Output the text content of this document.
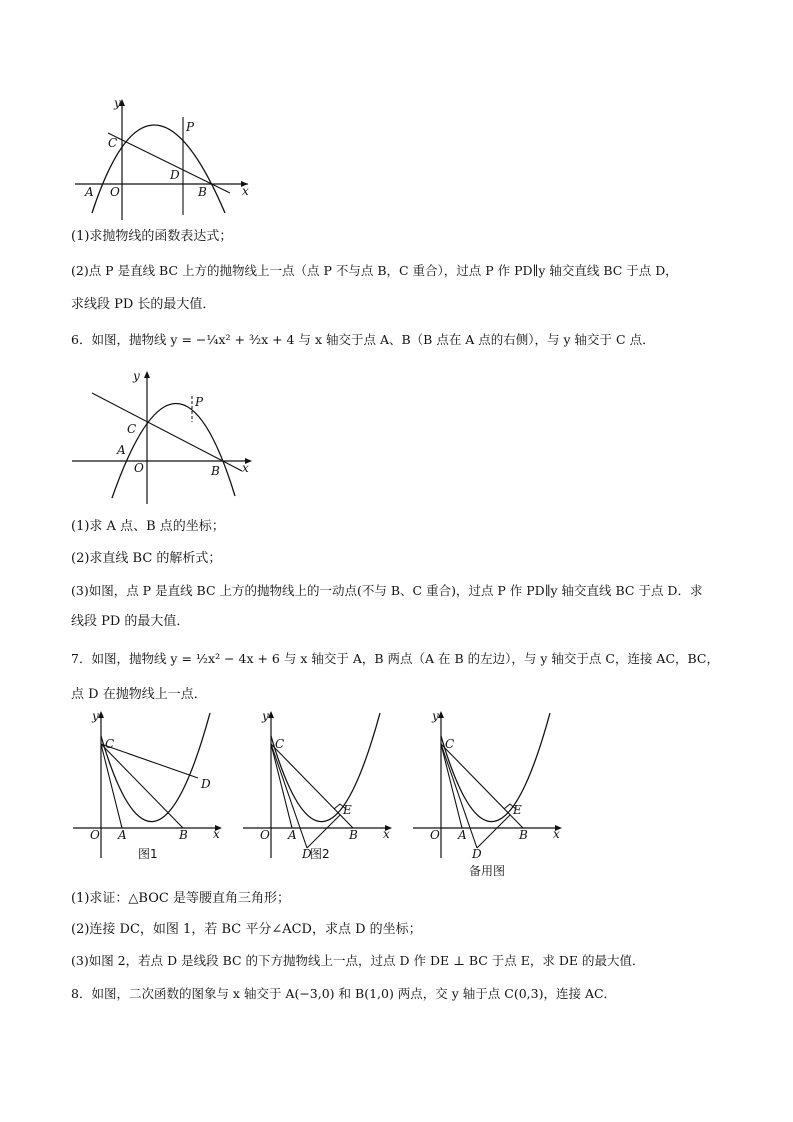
y
x
P
C
D
A O	B
(1)求抛物线的函数表达式；
(2)点 P 是直线 BC 上方的抛物线上一点（点 P 不与点 B，C 重合），过点 P 作 PD∥y 轴交直线 BC 于点 D，
求线段 PD 长的最大值．
6．如图，抛物线 y = −¼x² + ³⁄₂x + 4 与 x 轴交于点 A、B（B 点在 A 点的右侧），与 y 轴交于 C 点．
y
x
P
C
A
O	B
(1)求 A 点、B 点的坐标；
(2)求直线 BC 的解析式；
(3)如图，点 P 是直线 BC 上方的抛物线上的一动点(不与 B、C 重合)，过点 P 作 PD∥y 轴交直线 BC 于点 D．求
线段 PD 的最大值．
7．如图，抛物线 y = ½x² − 4x + 6 与 x 轴交于 A，B 两点（A 在 B 的左边），与 y 轴交于点 C，连接 AC，BC，
点 D 在抛物线上一点．
y
x
C
D
O A	B
图1
y
x
C
E
O A	B
D
图2
y
x
C
E
O A	B
D
备用图
(1)求证：△BOC 是等腰直角三角形；
(2)连接 DC，如图 1，若 BC 平分∠ACD，求点 D 的坐标；
(3)如图 2，若点 D 是线段 BC 的下方抛物线上一点，过点 D 作 DE ⊥ BC 于点 E，求 DE 的最大值．
8．如图，二次函数的图象与 x 轴交于 A(−3,0) 和 B(1,0) 两点，交 y 轴于点 C(0,3)，连接 AC．
